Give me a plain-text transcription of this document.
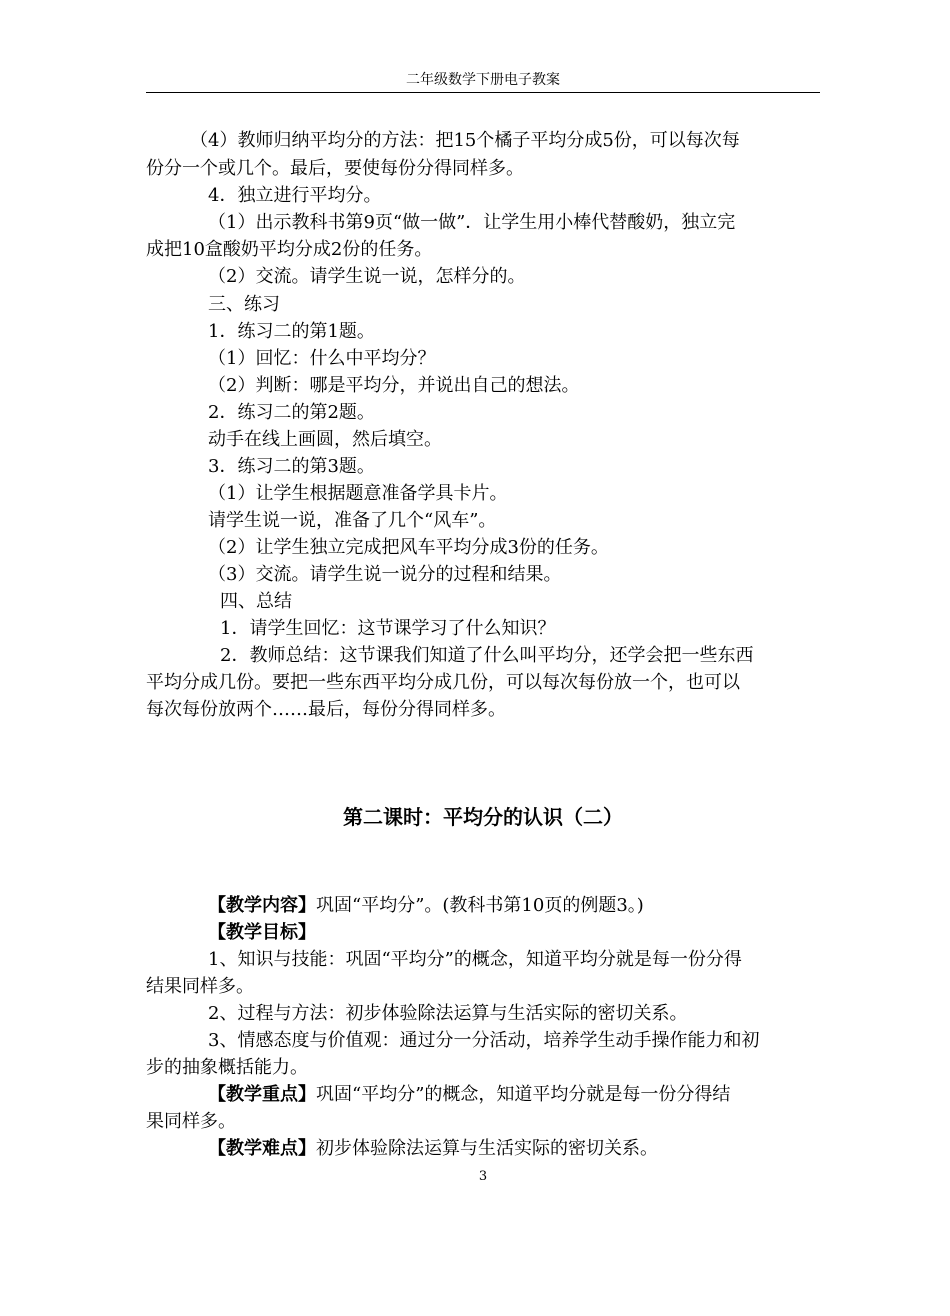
二年级数学下册电子教案
（4）教师归纳平均分的方法：把15个橘子平均分成5份，可以每次每
份分一个或几个。最后，要使每份分得同样多。
4．独立进行平均分。
（1）出示教科书第9页“做一做”．让学生用小棒代替酸奶，独立完
成把10盒酸奶平均分成2份的任务。
（2）交流。请学生说一说，怎样分的。
三、练习
1．练习二的第1题。
（1）回忆：什么中平均分？
（2）判断：哪是平均分，并说出自己的想法。
2．练习二的第2题。
动手在线上画圆，然后填空。
3．练习二的第3题。
（1）让学生根据题意准备学具卡片。
请学生说一说，准备了几个“风车”。
（2）让学生独立完成把风车平均分成3份的任务。
（3）交流。请学生说一说分的过程和结果。
四、总结
1．请学生回忆：这节课学习了什么知识？
2．教师总结：这节课我们知道了什么叫平均分，还学会把一些东西
平均分成几份。要把一些东西平均分成几份，可以每次每份放一个，也可以
每次每份放两个……最后，每份分得同样多。
第二课时：平均分的认识（二）
【教学内容】巩固“平均分”。(教科书第10页的例题3。)
【教学目标】
1、知识与技能：巩固“平均分”的概念，知道平均分就是每一份分得
结果同样多。
2、过程与方法：初步体验除法运算与生活实际的密切关系。
3、情感态度与价值观：通过分一分活动，培养学生动手操作能力和初
步的抽象概括能力。
【教学重点】巩固“平均分”的概念，知道平均分就是每一份分得结
果同样多。
【教学难点】初步体验除法运算与生活实际的密切关系。
3
